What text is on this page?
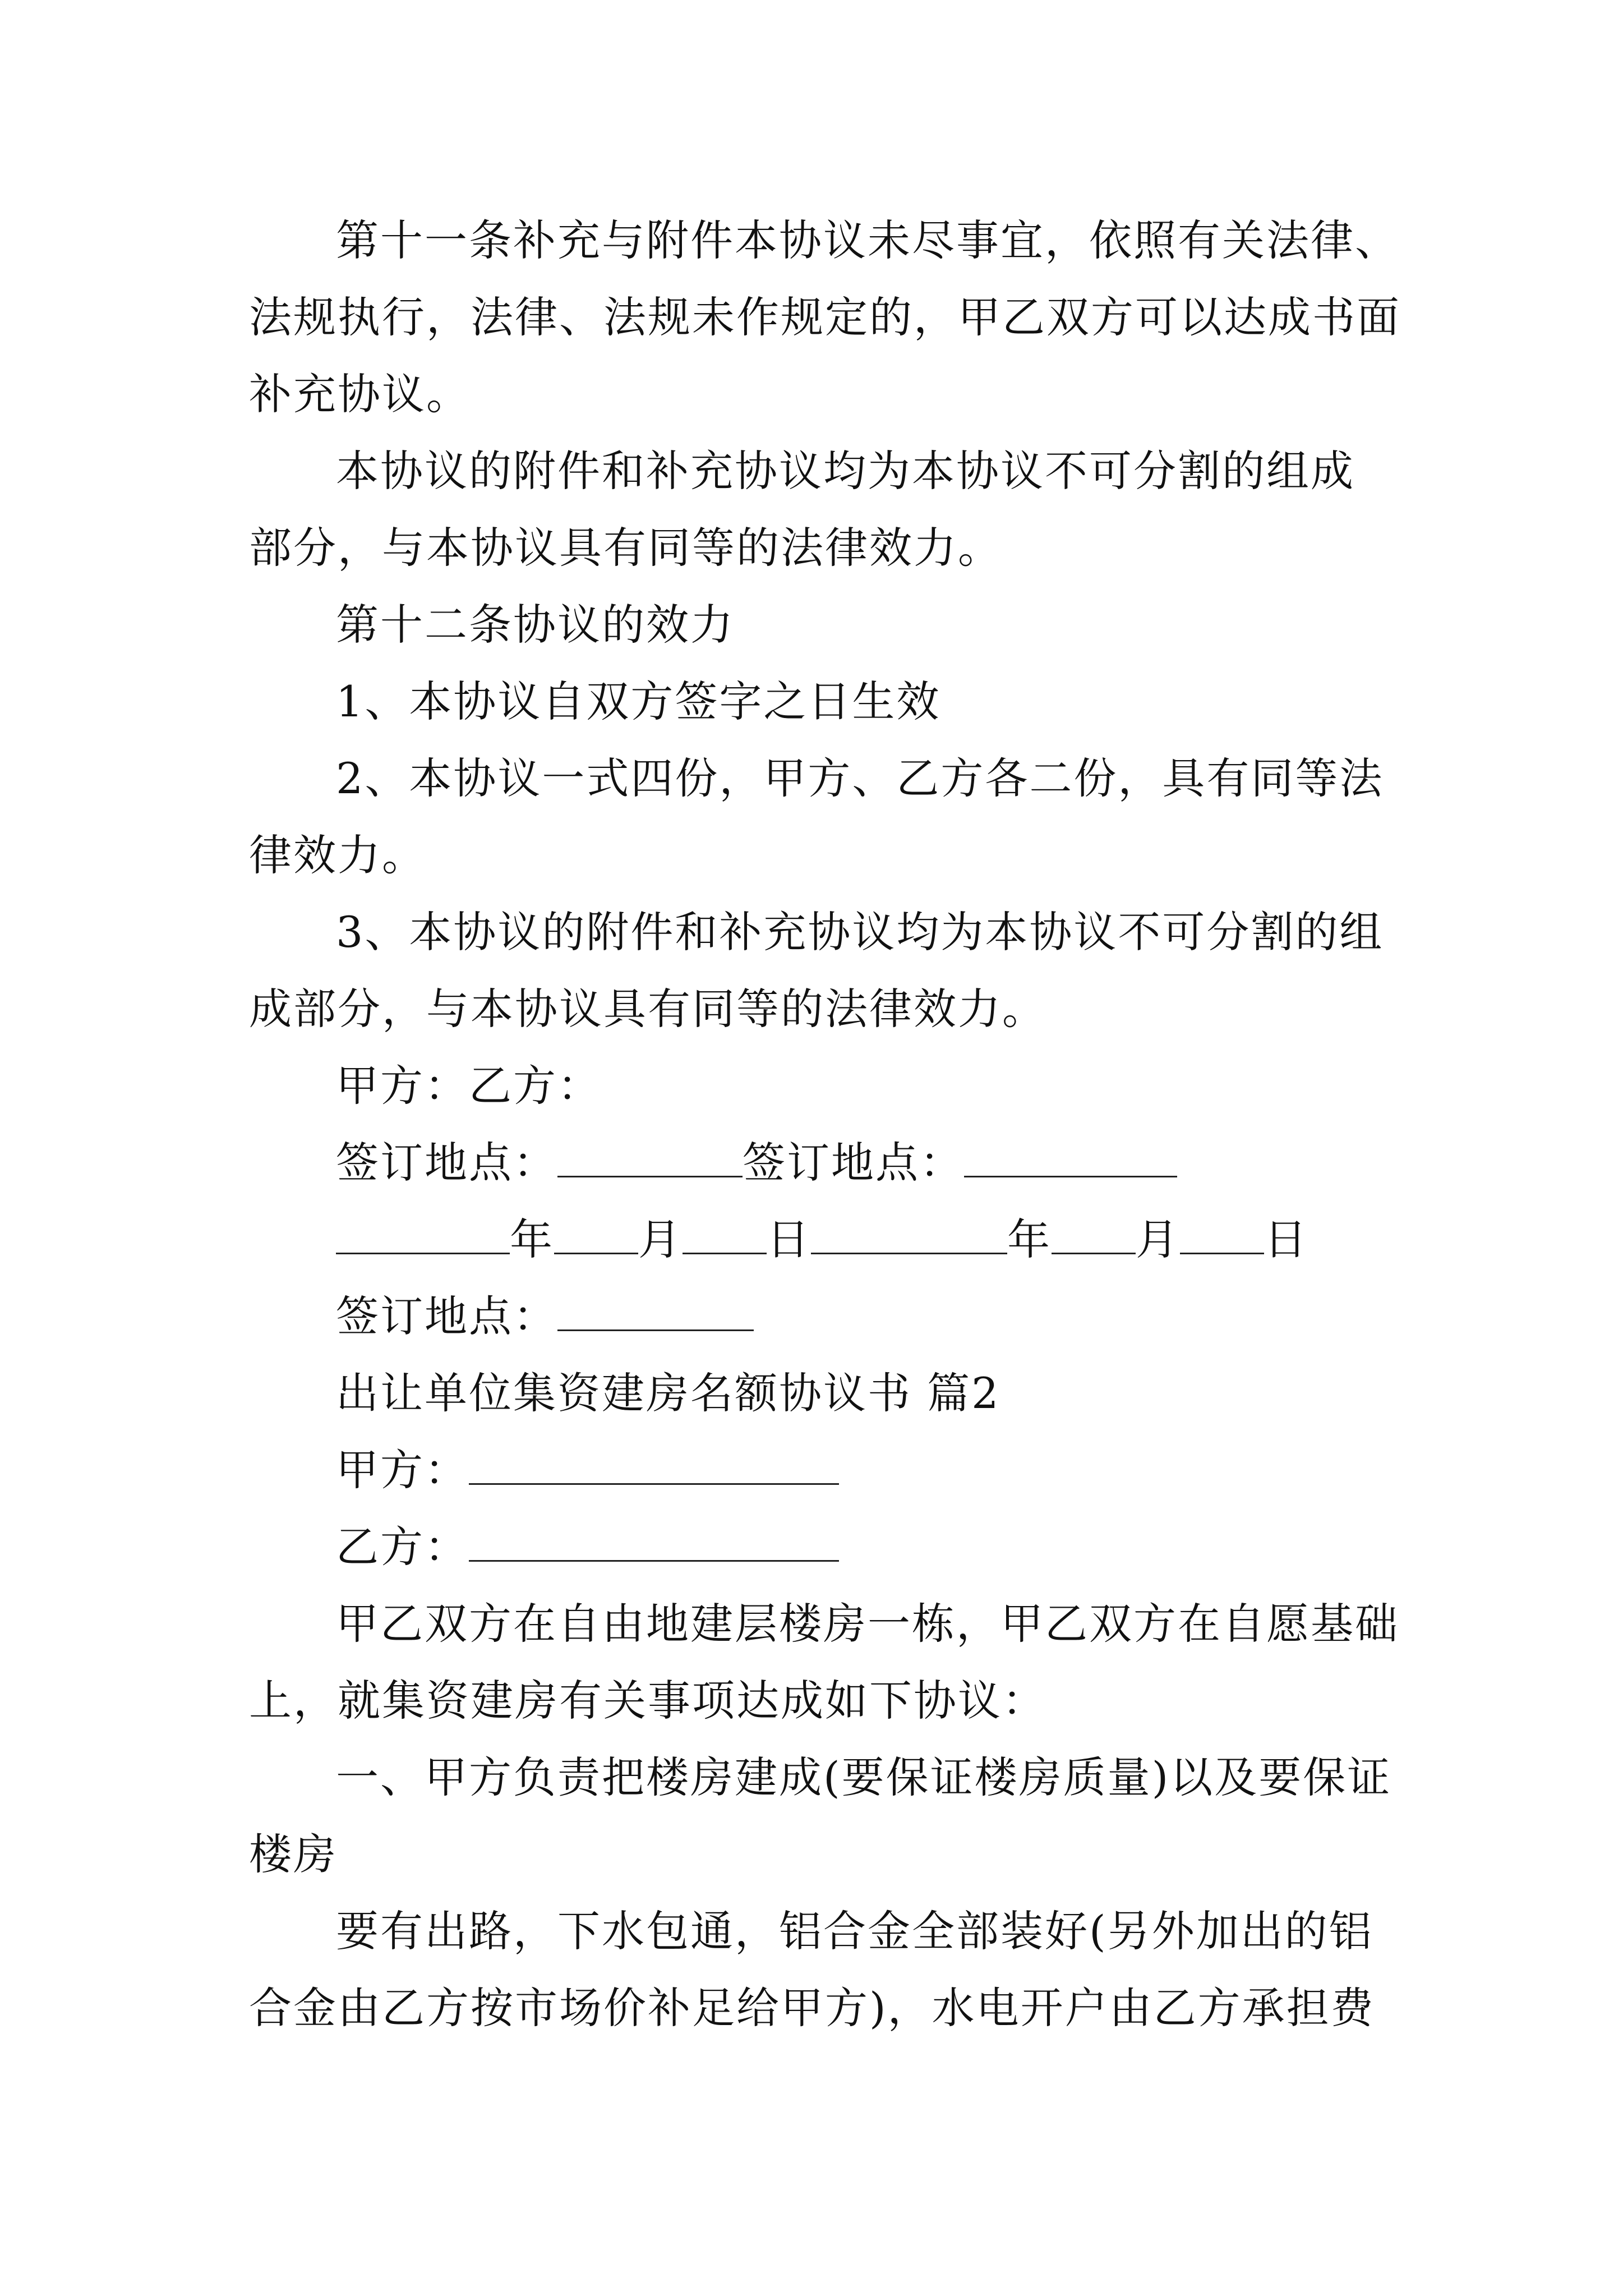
第十一条补充与附件本协议未尽事宜，依照有关法律、
法规执行，法律、法规未作规定的，甲乙双方可以达成书面
补充协议。
本协议的附件和补充协议均为本协议不可分割的组成
部分，与本协议具有同等的法律效力。
第十二条协议的效力
1、本协议自双方签字之日生效
2、本协议一式四份，甲方、乙方各二份，具有同等法
律效力。
3、本协议的附件和补充协议均为本协议不可分割的组
成部分，与本协议具有同等的法律效力。
甲方：乙方：
签订地点：	签订地点：
年 月 日	年 月 日
签订地点：
出让单位集资建房名额协议书 篇2
甲方：
乙方：
甲乙双方在自由地建层楼房一栋，甲乙双方在自愿基础
上，就集资建房有关事项达成如下协议：
一、甲方负责把楼房建成(要保证楼房质量)以及要保证
楼房
要有出路，下水包通，铝合金全部装好(另外加出的铝
合金由乙方按市场价补足给甲方)，水电开户由乙方承担费
